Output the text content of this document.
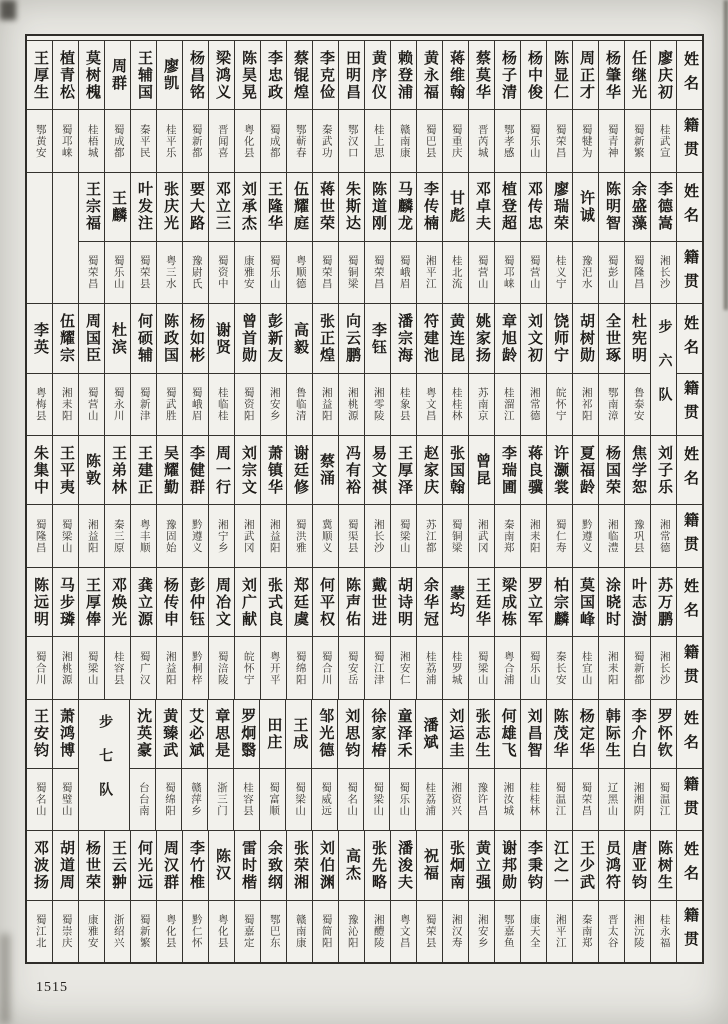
王厚生
鄂黄安
植青松
蜀邛崃
莫树槐
桂梧城
周群
蜀成都
王辅国
秦平民
廖凯
桂平乐
杨昌铭
蜀新都
梁鸿义
晋闻喜
陈昊晃
粤化县
李忠政
蜀成都
蔡锟煌
鄂蕲春
李克俭
秦武功
田明昌
鄂汉口
黄序仪
桂上思
赖登浦
赣南康
黄永福
蜀巴县
蒋维翰
蜀重庆
蔡莫华
晋芮城
杨子清
鄂孝感
杨中俊
蜀乐山
陈显仁
蜀荣昌
周正才
蜀犍为
杨肇华
蜀青神
任继光
蜀新繁
廖庆初
桂武宣
姓名
籍贯
王宗福
蜀荣昌
王麟
蜀乐山
叶发注
蜀荣县
张庆光
粤三水
要大路
豫尉氏
邓立三
蜀资中
刘承杰
康雅安
王隆华
蜀乐山
伍耀庭
粤顺德
蒋世荣
蜀荣昌
朱斯达
蜀铜梁
陈道刚
蜀荣昌
马麟龙
蜀峨眉
李传楠
湘平江
甘彪
桂北流
邓卓夫
蜀营山
植登超
蜀邛崃
邓传忠
蜀营山
廖瑞荣
桂义宁
许诚
豫汜水
陈明智
蜀彭山
余盛藻
蜀隆昌
李德嵩
湘长沙
姓名
籍贯
李英
粤梅县
伍耀宗
湘耒阳
周国臣
蜀营山
杜滨
蜀永川
何硕辅
蜀新津
陈政国
蜀武胜
杨如彬
蜀峨眉
谢贤
桂临桂
曾首勋
蜀资阳
彭新友
湘安乡
高毅
鲁临清
张正煌
湘益阳
向云鹏
湘桃源
李钰
湘零陵
潘宗海
桂象县
符建池
粤文昌
黄连昆
桂桂林
姚家扬
苏南京
章旭龄
桂溜江
刘文初
湘常德
饶师宁
皖怀宁
胡树勋
湘祁阳
全世琢
鄂南漳
杜宪明
鲁泰安 步六队 姓名
籍贯
朱集中
蜀隆昌
王平夷
蜀梁山
陈敦
湘益阳
王弟林
秦三原
王建正
粤丰顺
吴耀勤
豫固始
李健群
黔遵义
周一行
湘宁乡
刘宗文
湘武冈
萧镇华
湘益阳
谢廷修
蜀洪雅
蔡涌
冀顺义
冯有裕
蜀渠县
易文祺
湘长沙
王厚泽
蜀梁山
赵家庆
苏江都
张国翰
蜀铜梁
曾昆
湘武冈
李瑞圃
秦南郑
蒋良骥
湘耒阳
许灏裳
蜀仁寿
夏福龄
黔遵义
杨国荣
湘临澧
焦学恕
豫巩县
刘子乐
湘常德
姓名
籍贯
陈远明
蜀合川
马步璘
湘桃源
王厚俸
蜀梁山
邓焕光
桂容县
龚立源
蜀广汉
杨传申
湘益阳
彭仲钰
黔桐梓
周冶文
蜀涪陵
刘广献
皖怀宁
张式良
粤开平
郑廷虞
蜀绵阳
何平权
蜀合川
陈声佑
蜀安岳
戴世进
蜀江津
胡诗明
湘安仁
余华冠
桂荔浦
蒙均
桂罗城
王廷华
蜀梁山
梁成栋
粤合浦
罗立军
蜀乐山
柏宗麟
秦长安
莫国峰
桂宜山
涂晓时
湘耒阳
叶志澍
蜀新都
苏万鹏
湘长沙
姓名
籍贯
王安钧
蜀名山
萧鸿博
蜀璧山 步七队 沈英豪
台台南
黄臻武
蜀绵阳
艾必斌
赣萍乡
章思是
浙三门
罗炯翳
桂容县
田庄
蜀富顺
王成
蜀梁山
邹光德
蜀威远
刘思钧
蜀名山
徐家椿
蜀梁山
童泽禾
蜀乐山
潘斌
桂荔浦
刘运圭
湘资兴
张志生
豫许昌
何雄飞
湘汝城
刘昌智
桂桂林
陈茂华
蜀温江
杨定华
蜀荣昌
韩际生
辽黑山
李介白
湘湘阴
罗怀钦
蜀温江
姓名
籍贯
邓波扬
蜀江北
胡道周
蜀崇庆
杨世荣
康雅安
王云翀
浙绍兴
何光远
蜀新繁
周汉群
粤化县
李竹椎
黔仁怀
陈汉
粤化县
雷时楷
蜀嘉定
余致纲
鄂巴东
张荣湘
赣南康
刘伯渊
蜀简阳
高杰
豫沁阳
张先略
湘醴陵
潘浚夫
粤文昌
祝福
蜀荣县
张炯南
湘汉寿
黄立强
湘安乡
谢邦勋
鄂嘉鱼
李秉钧
康天全
江之一
湘平江
王少武
秦南郑
员鸿符
晋太谷
唐亚钧
湘沅陵
陈树生
桂永福
姓名
籍贯
1515
